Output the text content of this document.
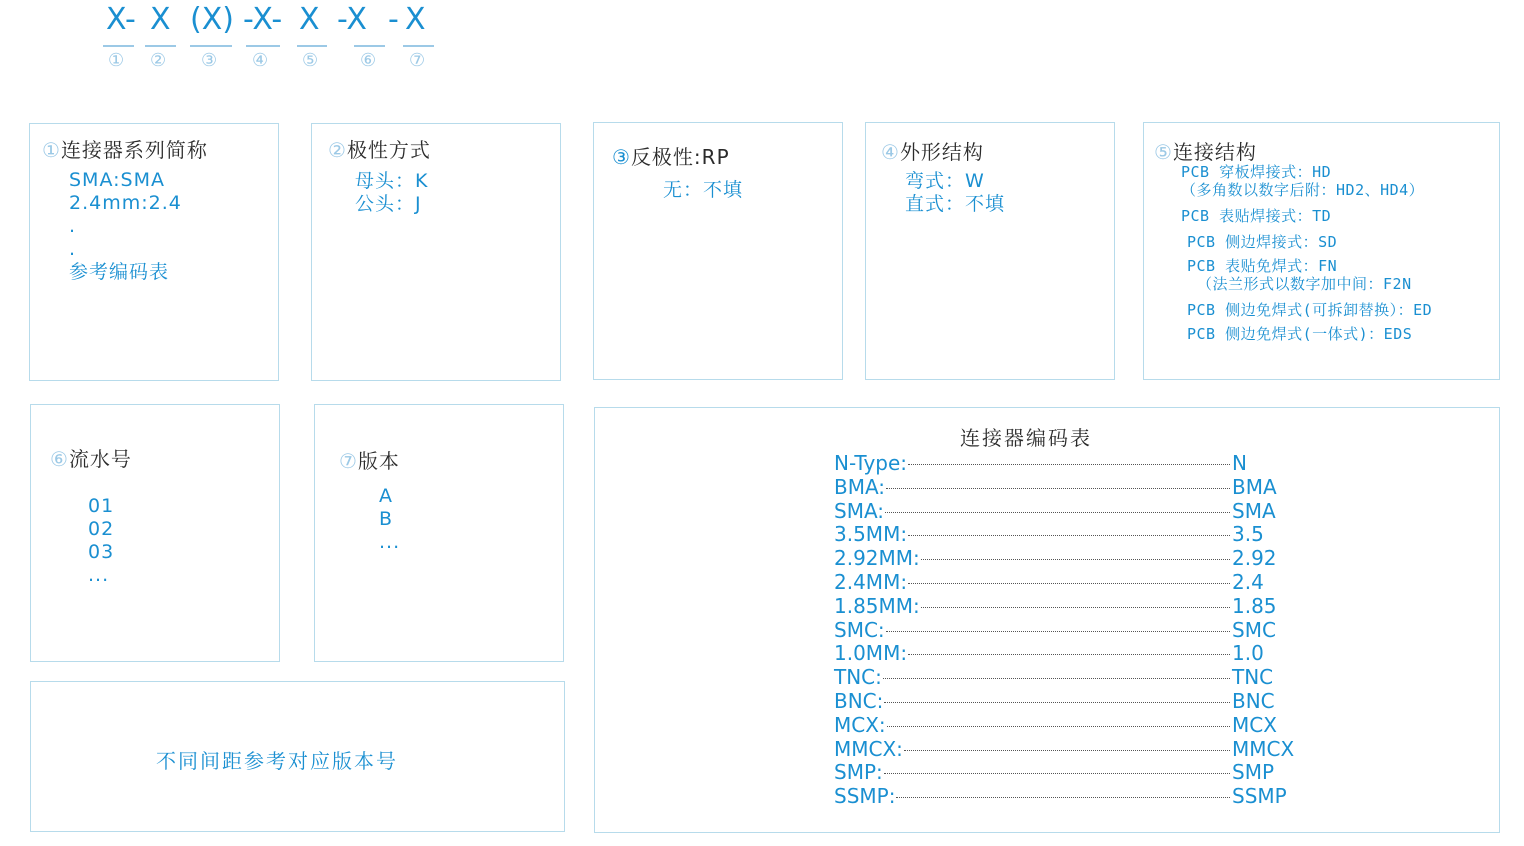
X- X (X) -X- X -X - X
① ② ③ ④ ⑤ ⑥ ⑦
①连接器系列简称
SMA:SMA
2.4mm:2.4
.
.
参考编码表
②极性方式
母头：K
公头：J
③反极性:RP
无：不填
④外形结构
弯式：W
直式：不填
⑤连接结构
PCB 穿板焊接式：HD
（多角数以数字后附：HD2、HD4）
PCB 表贴焊接式：TD
PCB 侧边焊接式：SD
PCB 表贴免焊式：FN
（法兰形式以数字加中间：F2N
PCB 侧边免焊式(可拆卸替换）：ED
PCB 侧边免焊式(一体式)：EDS
⑥流水号
01
02
03
...
⑦版本
A
B
...
不同间距参考对应版本号
连接器编码表
N-Type:	N
BMA:	BMA
SMA:	SMA
3.5MM:	3.5
2.92MM:	2.92
2.4MM:	2.4
1.85MM:	1.85
SMC:	SMC
1.0MM:	1.0
TNC:	TNC
BNC:	BNC
MCX:	MCX
MMCX:	MMCX
SMP:	SMP
SSMP:	SSMP
